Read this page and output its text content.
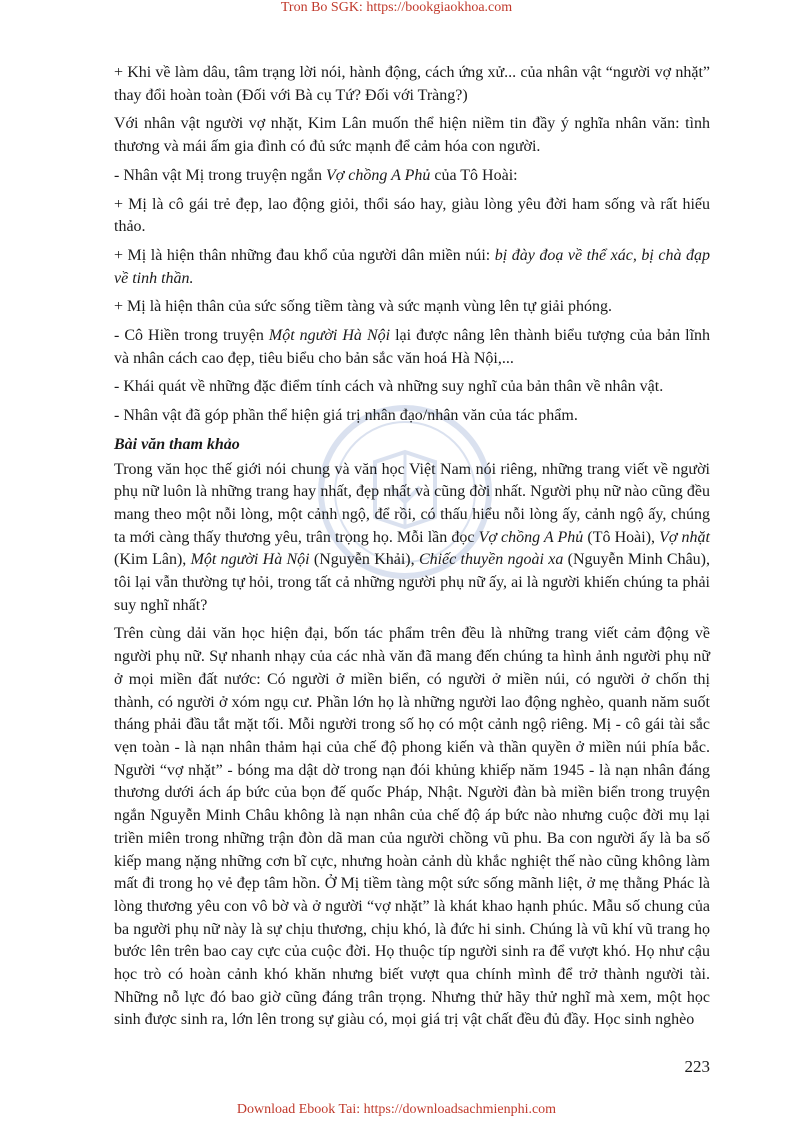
Tron Bo SGK: https://bookgiaokhoa.com

+ Khi về làm dâu, tâm trạng lời nói, hành động, cách ứng xử... của nhân vật “người vợ nhặt” thay đổi hoàn toàn (Đối với Bà cụ Tứ? Đối với Tràng?)

Với nhân vật người vợ nhặt, Kim Lân muốn thể hiện niềm tin đầy ý nghĩa nhân văn: tình thương và mái ấm gia đình có đủ sức mạnh để cảm hóa con người.

- Nhân vật Mị trong truyện ngắn Vợ chồng A Phủ của Tô Hoài:

+ Mị là cô gái trẻ đẹp, lao động giỏi, thổi sáo hay, giàu lòng yêu đời ham sống và rất hiếu thảo.

+ Mị là hiện thân những đau khổ của người dân miền núi: bị đày đoạ về thể xác, bị chà đạp về tinh thần.

+ Mị là hiện thân của sức sống tiềm tàng và sức mạnh vùng lên tự giải phóng.

- Cô Hiền trong truyện Một người Hà Nội lại được nâng lên thành biểu tượng của bản lĩnh và nhân cách cao đẹp, tiêu biểu cho bản sắc văn hoá Hà Nội,...

- Khái quát về những đặc điểm tính cách và những suy nghĩ của bản thân về nhân vật.

- Nhân vật đã góp phần thể hiện giá trị nhân đạo/nhân văn của tác phẩm.

Bài văn tham khảo

Trong văn học thế giới nói chung và văn học Việt Nam nói riêng, những trang viết về người phụ nữ luôn là những trang hay nhất, đẹp nhất và cũng đời nhất. Người phụ nữ nào cũng đều mang theo một nỗi lòng, một cảnh ngộ, để rồi, có thấu hiểu nỗi lòng ấy, cảnh ngộ ấy, chúng ta mới càng thấy thương yêu, trân trọng họ. Mỗi lần đọc Vợ chồng A Phủ (Tô Hoài), Vợ nhặt (Kim Lân), Một người Hà Nội (Nguyễn Khải), Chiếc thuyền ngoài xa (Nguyễn Minh Châu), tôi lại vẫn thường tự hỏi, trong tất cả những người phụ nữ ấy, ai là người khiến chúng ta phải suy nghĩ nhất?

Trên cùng dải văn học hiện đại, bốn tác phẩm trên đều là những trang viết cảm động về người phụ nữ. Sự nhanh nhạy của các nhà văn đã mang đến chúng ta hình ảnh người phụ nữ ở mọi miền đất nước: Có người ở miền biển, có người ở miền núi, có người ở chốn thị thành, có người ở xóm ngụ cư. Phần lớn họ là những người lao động nghèo, quanh năm suốt tháng phải đầu tắt mặt tối. Mỗi người trong số họ có một cảnh ngộ riêng. Mị - cô gái tài sắc vẹn toàn - là nạn nhân thảm hại của chế độ phong kiến và thần quyền ở miền núi phía bắc. Người “vợ nhặt” - bóng ma dật dờ trong nạn đói khủng khiếp năm 1945 - là nạn nhân đáng thương dưới ách áp bức của bọn đế quốc Pháp, Nhật. Người đàn bà miền biển trong truyện ngắn Nguyễn Minh Châu không là nạn nhân của chế độ áp bức nào nhưng cuộc đời mụ lại triền miên trong những trận đòn dã man của người chồng vũ phu. Ba con người ấy là ba số kiếp mang nặng những cơn bĩ cực, nhưng hoàn cảnh dù khắc nghiệt thế nào cũng không làm mất đi trong họ vẻ đẹp tâm hồn. Ở Mị tiềm tàng một sức sống mãnh liệt, ở mẹ thằng Phác là lòng thương yêu con vô bờ và ở người “vợ nhặt” là khát khao hạnh phúc. Mẫu số chung của ba người phụ nữ này là sự chịu thương, chịu khó, là đức hi sinh. Chúng là vũ khí vũ trang họ bước lên trên bao cay cực của cuộc đời. Họ thuộc típ người sinh ra để vượt khó. Họ như cậu học trò có hoàn cảnh khó khăn nhưng biết vượt qua chính mình để trở thành người tài. Những nỗ lực đó bao giờ cũng đáng trân trọng. Nhưng thử hãy thử nghĩ mà xem, một học sinh được sinh ra, lớn lên trong sự giàu có, mọi giá trị vật chất đều đủ đầy. Học sinh nghèo

223
Download Ebook Tai: https://downloadsachmienphi.com
